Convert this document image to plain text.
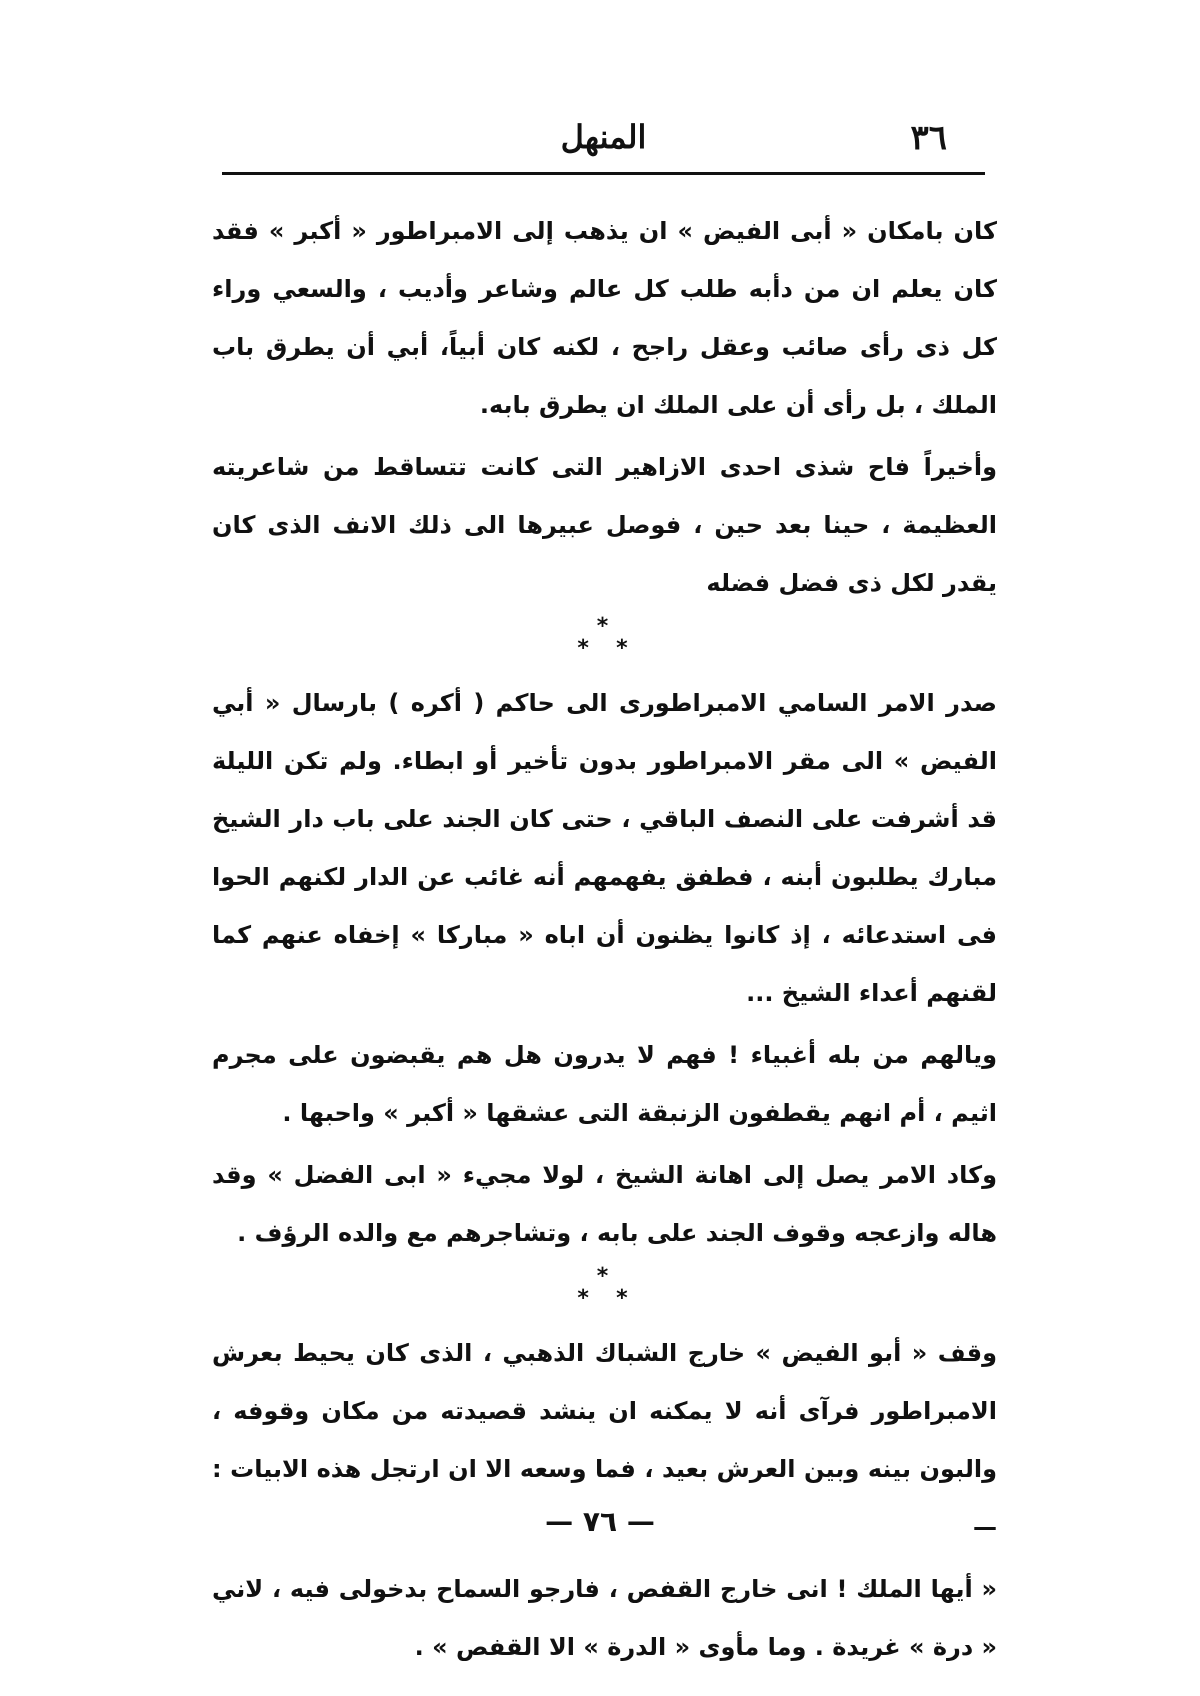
٣٦
المنهل

كان بامكان « أبى الفيض » ان يذهب إلى الامبراطور « أكبر » فقد كان يعلم ان من دأبه طلب كل عالم وشاعر وأديب ، والسعي وراء كل ذى رأى صائب وعقل راجح ، لكنه كان أبياً، أبي أن يطرق باب الملك ، بل رأى أن على الملك ان يطرق بابه.

وأخيراً فاح شذى احدى الازاهير التى كانت تتساقط من شاعريته العظيمة ، حينا بعد حين ، فوصل عبيرها الى ذلك الانف الذى كان يقدر لكل ذى فضل فضله

*
*  *

صدر الامر السامي الامبراطورى الى حاكم ( أكره ) بارسال « أبي الفيض » الى مقر الامبراطور بدون تأخير أو ابطاء. ولم تكن الليلة قد أشرفت على النصف الباقي ، حتى كان الجند على باب دار الشيخ مبارك يطلبون أبنه ، فطفق يفهمهم أنه غائب عن الدار لكنهم الحوا فى استدعائه ، إذ كانوا يظنون أن اباه « مباركا » إخفاه عنهم كما لقنهم أعداء الشيخ ...

ويالهم من بله أغبياء ! فهم لا يدرون هل هم يقبضون على مجرم اثيم ، أم انهم يقطفون الزنبقة التى عشقها « أكبر » واحبها .

وكاد الامر يصل إلى اهانة الشيخ ، لولا مجيء « ابى الفضل » وقد هاله وازعجه وقوف الجند على بابه ، وتشاجرهم مع والده الرؤف .

*
*  *

وقف « أبو الفيض » خارج الشباك الذهبي ، الذى كان يحيط بعرش الامبراطور فرآى أنه لا يمكنه ان ينشد قصيدته من مكان وقوفه ، والبون بينه وبين العرش بعيد ، فما وسعه الا ان ارتجل هذه الابيات : —

« أيها الملك ! انى خارج القفص ، فارجو السماح بدخولى فيه ، لاني « درة » غريدة . وما مأوى « الدرة » الا القفص » .

— ٧٦ —
